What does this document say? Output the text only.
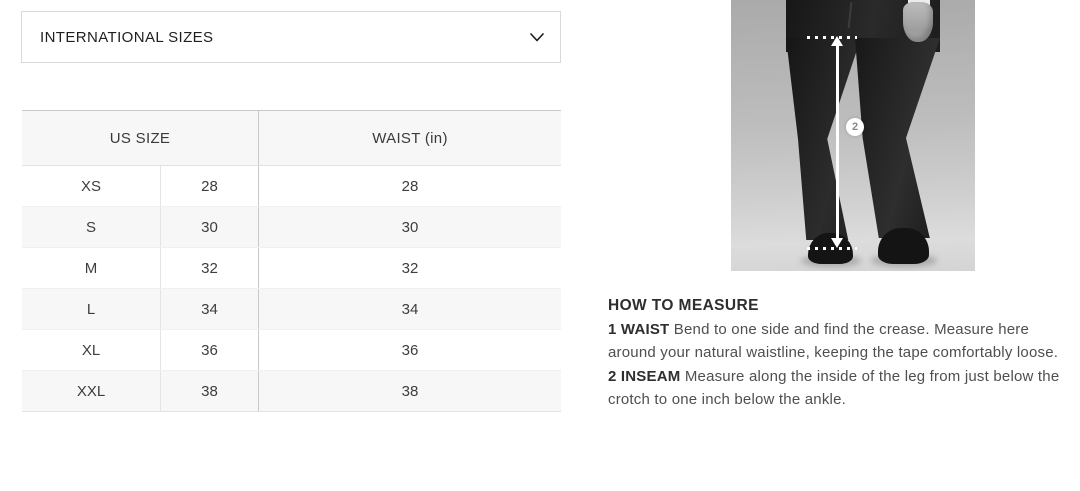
INTERNATIONAL SIZES
US SIZE	WAIST (in)
XS	28	28
S	30	30
M	32	32
L	34	34
XL	36	36
XXL	38	38
2
HOW TO MEASURE
1 WAIST Bend to one side and find the crease. Measure here around your natural waistline, keeping the tape comfortably loose.
2 INSEAM Measure along the inside of the leg from just below the crotch to one inch below the ankle.
